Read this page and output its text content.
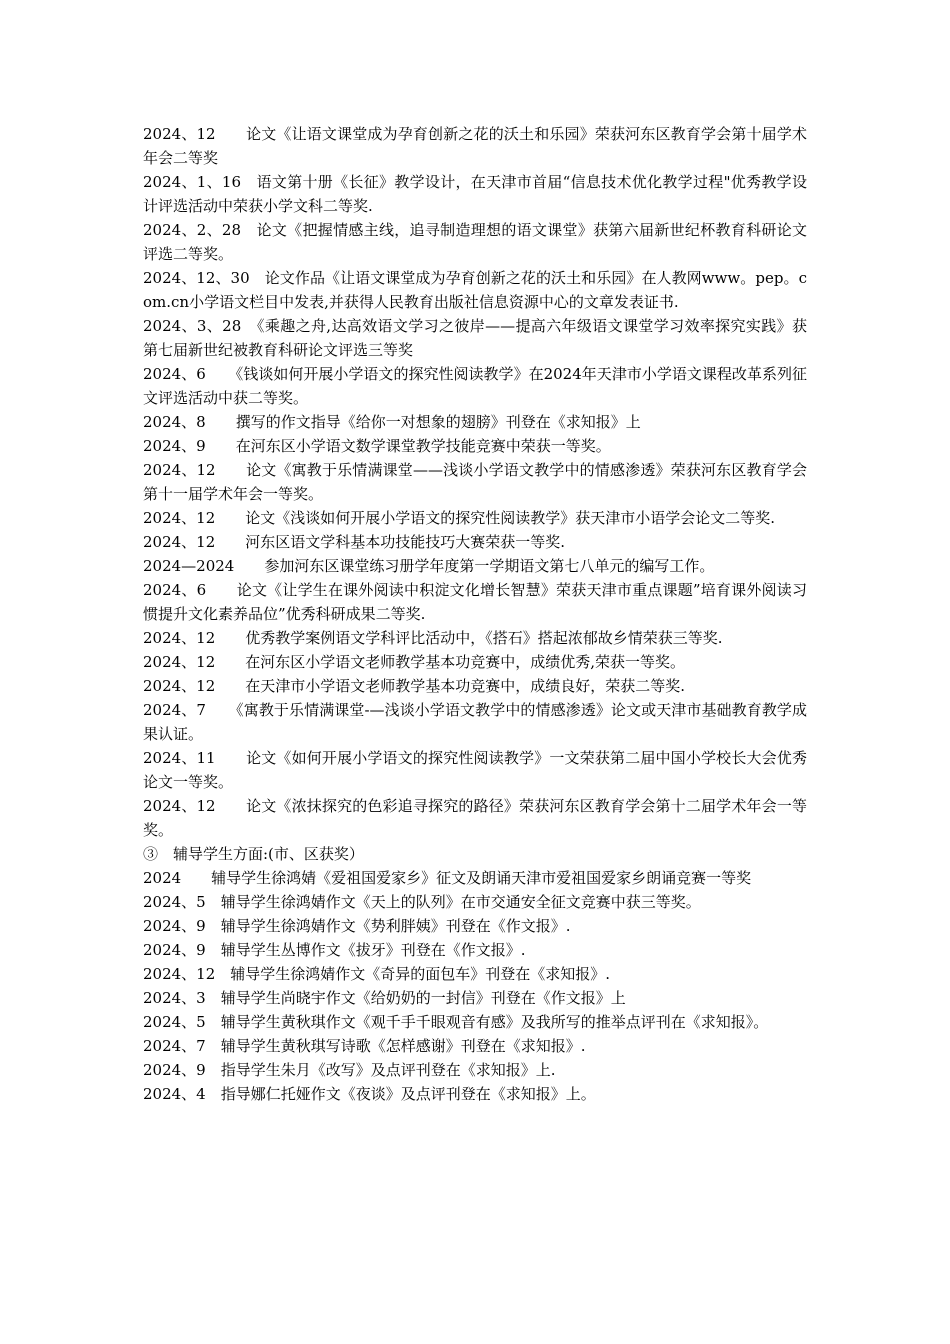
2024、12　　论文《让语文课堂成为孕育创新之花的沃土和乐园》荣获河东区教育学会第十届学术年会二等奖

2024、1、16　语文第十册《长征》教学设计，在天津市首届“信息技术优化教学过程"优秀教学设计评选活动中荣获小学文科二等奖.

2024、2、28　论文《把握情感主线，追寻制造理想的语文课堂》获第六届新世纪杯教育科研论文评选二等奖。

2024、12、30　论文作品《让语文课堂成为孕育创新之花的沃土和乐园》在人教网www。pep。com.cn小学语文栏目中发表,并获得人民教育出版社信息资源中心的文章发表证书.

2024、3、28　《乘趣之舟,达高效语文学习之彼岸——提高六年级语文课堂学习效率探究实践》获第七届新世纪被教育科研论文评选三等奖

2024、6　　《钱谈如何开展小学语文的探究性阅读教学》在2024年天津市小学语文课程改革系列征文评选活动中获二等奖。

2024、8　　撰写的作文指导《给你一对想象的翅膀》刊登在《求知报》上

2024、9　　在河东区小学语文数学课堂教学技能竞赛中荣获一等奖。

2024、12　　论文《寓教于乐情满课堂——浅谈小学语文教学中的情感渗透》荣获河东区教育学会第十一届学术年会一等奖。

2024、12　　论文《浅谈如何开展小学语文的探究性阅读教学》获天津市小语学会论文二等奖.

2024、12　　河东区语文学科基本功技能技巧大赛荣获一等奖.

2024—2024　　参加河东区课堂练习册学年度第一学期语文第七八单元的编写工作。

2024、6　　论文《让学生在课外阅读中积淀文化增长智慧》荣获天津市重点课题”培育课外阅读习惯提升文化素养品位”优秀科研成果二等奖.

2024、12　　优秀教学案例语文学科评比活动中，《搭石》搭起浓郁故乡情荣获三等奖.

2024、12　　在河东区小学语文老师教学基本功竞赛中，成绩优秀,荣获一等奖。

2024、12　　在天津市小学语文老师教学基本功竞赛中，成绩良好，荣获二等奖.

2024、7　　《寓教于乐情满课堂-—浅谈小学语文教学中的情感渗透》论文或天津市基础教育教学成果认证。

2024、11　　论文《如何开展小学语文的探究性阅读教学》一文荣获第二届中国小学校长大会优秀论文一等奖。

2024、12　　论文《浓抹探究的色彩追寻探究的路径》荣获河东区教育学会第十二届学术年会一等奖。

③　辅导学生方面:(市、区获奖）

2024　　辅导学生徐鸿婧《爱祖国爱家乡》征文及朗诵天津市爱祖国爱家乡朗诵竞赛一等奖

2024、5　辅导学生徐鸿婧作文《天上的队列》在市交通安全征文竞赛中获三等奖。

2024、9　辅导学生徐鸿婧作文《势利胖姨》刊登在《作文报》.

2024、9　辅导学生丛博作文《拔牙》刊登在《作文报》.

2024、12　辅导学生徐鸿婧作文《奇异的面包车》刊登在《求知报》.

2024、3　辅导学生尚晓宇作文《给奶奶的一封信》刊登在《作文报》上

2024、5　辅导学生黄秋琪作文《观千手千眼观音有感》及我所写的推举点评刊在《求知报》。

2024、7　辅导学生黄秋琪写诗歌《怎样感谢》刊登在《求知报》.

2024、9　指导学生朱月《改写》及点评刊登在《求知报》上.

2024、4　指导娜仁托娅作文《夜谈》及点评刊登在《求知报》上。
